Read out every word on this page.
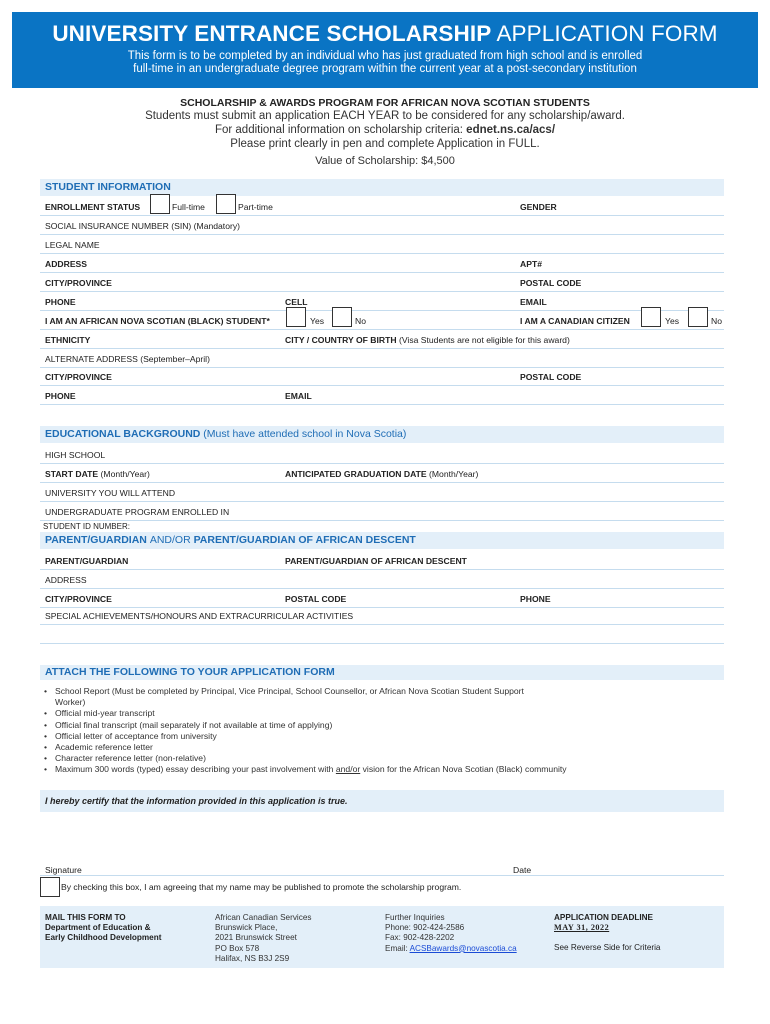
UNIVERSITY ENTRANCE SCHOLARSHIP APPLICATION FORM
This form is to be completed by an individual who has just graduated from high school and is enrolled
full-time in an undergraduate degree program within the current year at a post-secondary institution
SCHOLARSHIP & AWARDS PROGRAM FOR AFRICAN NOVA SCOTIAN STUDENTS
Students must submit an application EACH YEAR to be considered for any scholarship/award.
For additional information on scholarship criteria: ednet.ns.ca/acs/
Please print clearly in pen and complete Application in FULL.
Value of Scholarship: $4,500
STUDENT INFORMATION
ENROLLMENT STATUS	Full-time	Part-time	GENDER
SOCIAL INSURANCE NUMBER (SIN) (Mandatory)
LEGAL NAME
ADDRESS	APT#
CITY/PROVINCE	POSTAL CODE
PHONE	CELL	EMAIL
I AM AN AFRICAN NOVA SCOTIAN (BLACK) STUDENT*	Yes	No	I AM A CANADIAN CITIZEN	Yes	No
ETHNICITY	CITY / COUNTRY OF BIRTH (Visa Students are not eligible for this award)
ALTERNATE ADDRESS (September–April)
CITY/PROVINCE	POSTAL CODE
PHONE	EMAIL
EDUCATIONAL BACKGROUND (Must have attended school in Nova Scotia)
HIGH SCHOOL
START DATE (Month/Year)	ANTICIPATED GRADUATION DATE (Month/Year)
UNIVERSITY YOU WILL ATTEND
UNDERGRADUATE PROGRAM ENROLLED IN
STUDENT ID NUMBER:
PARENT/GUARDIAN AND/OR PARENT/GUARDIAN OF AFRICAN DESCENT
PARENT/GUARDIAN	PARENT/GUARDIAN OF AFRICAN DESCENT
ADDRESS
CITY/PROVINCE	POSTAL CODE	PHONE
SPECIAL ACHIEVEMENTS/HONOURS AND EXTRACURRICULAR ACTIVITIES
ATTACH THE FOLLOWING TO YOUR APPLICATION FORM
• School Report (Must be completed by Principal, Vice Principal, School Counsellor, or African Nova Scotian Student Support Worker)
• Official mid-year transcript
• Official final transcript (mail separately if not available at time of applying)
• Official letter of acceptance from university
• Academic reference letter
• Character reference letter (non-relative)
• Maximum 300 words (typed) essay describing your past involvement with and/or vision for the African Nova Scotian (Black) community
I hereby certify that the information provided in this application is true.
Signature	Date
By checking this box, I am agreeing that my name may be published to promote the scholarship program.
MAIL THIS FORM TO
Department of Education &
Early Childhood Development
African Canadian Services
Brunswick Place,
2021 Brunswick Street
PO Box 578
Halifax, NS B3J 2S9
Further Inquiries
Phone: 902-424-2586
Fax: 902-428-2202
Email: ACSBawards@novascotia.ca
APPLICATION DEADLINE
MAY 31, 2022
See Reverse Side for Criteria
